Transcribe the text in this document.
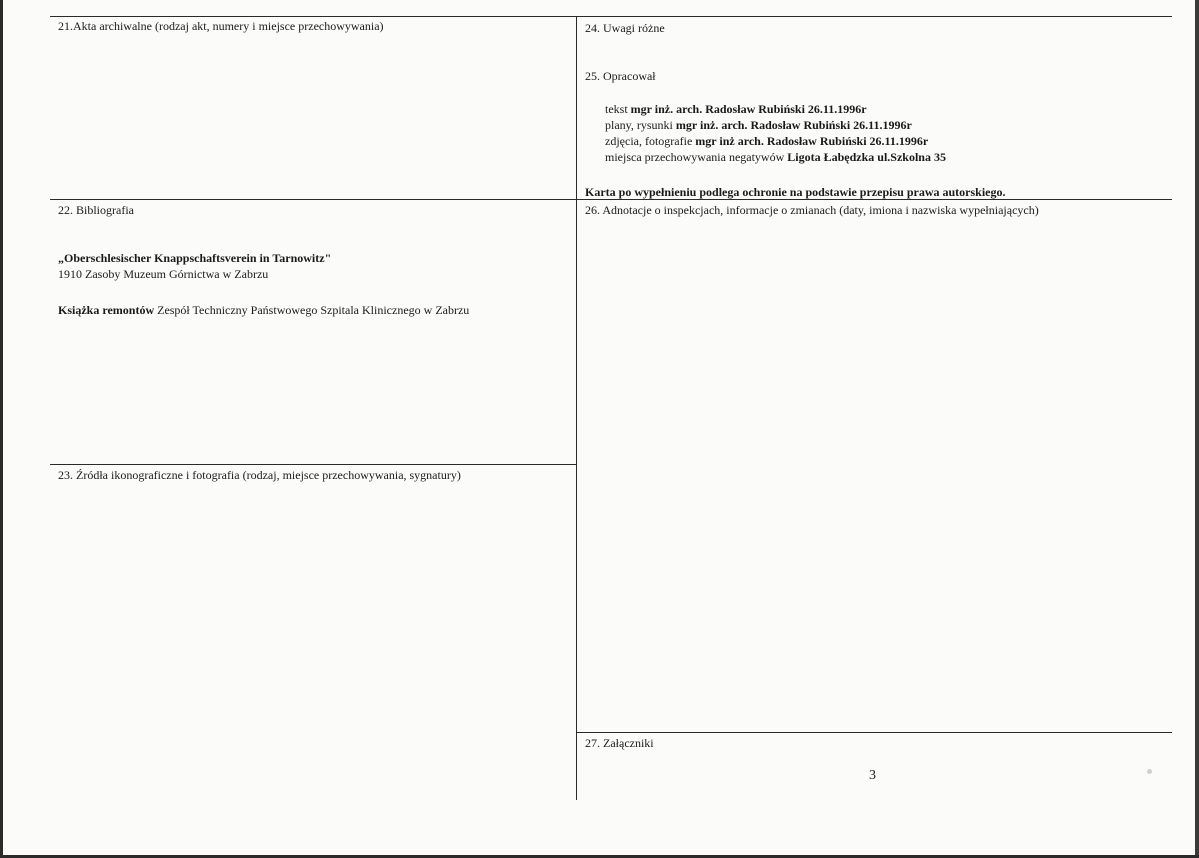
21.Akta archiwalne (rodzaj akt, numery i miejsce przechowywania)
22. Bibliografia
„Oberschlesischer Knappschaftsverein in Tarnowitz"
1910 Zasoby Muzeum Górnictwa w Zabrzu
Książka remontów Zespół Techniczny Państwowego Szpitala Klinicznego w Zabrzu
23. Źródła ikonograficzne i fotografia (rodzaj, miejsce przechowywania, sygnatury)
24. Uwagi różne
25. Opracował
tekst mgr inż. arch. Radosław Rubiński 26.11.1996r
plany, rysunki mgr inż. arch. Radosław Rubiński 26.11.1996r
zdjęcia, fotografie mgr inż arch. Radosław Rubiński 26.11.1996r
miejsca przechowywania negatywów Ligota Łabędzka ul.Szkolna 35
Karta po wypełnieniu podlega ochronie na podstawie przepisu prawa autorskiego.
26. Adnotacje o inspekcjach, informacje o zmianach (daty, imiona i nazwiska wypełniających)
27. Załączniki
3
